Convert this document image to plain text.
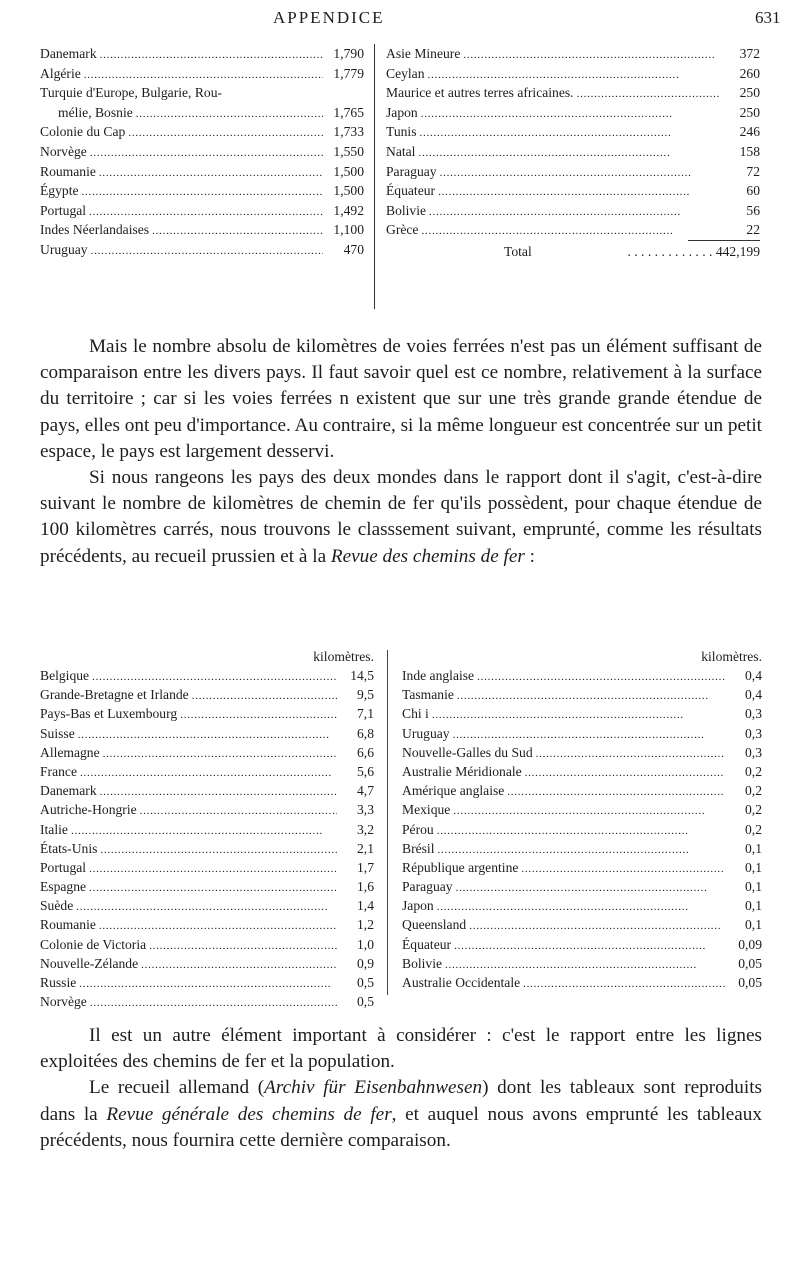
APPENDICE	631
Danemark . . .	1,790
Algérie . . .	1,779
Turquie d'Europe, Bulgarie, Rou-
mélie, Bosnie . . .	1,765
Colonie du Cap . . .	1,733
Norvège . . .	1,550
Roumanie . . .	1,500
Égypte . . .	1,500
Portugal . . .	1,492
Indes Néerlandaises . . .	1,100
Uruguay . . .	470
Asie Mineure . . .	372
Ceylan . . .	260
Maurice et autres terres africaines. . . .	250
Japon . . .	250
Tunis . . .	246
Natal . . .	158
Paraguay . . .	72
Équateur . . .	60
Bolivie . . .	56
Grèce . . .	22
Total	. . . . . . . . . . . . . 442,199

Mais le nombre absolu de kilomètres de voies ferrées n'est pas un élément suffisant de comparaison entre les divers pays. Il faut savoir quel est ce nombre, relativement à la surface du territoire ; car si les voies ferrées n existent que sur une très grande grande étendue de pays, elles ont peu d'importance. Au contraire, si la même longueur est concentrée sur un petit espace, le pays est largement desservi.

Si nous rangeons les pays des deux mondes dans le rapport dont il s'agit, c'est-à-dire suivant le nombre de kilomètres de chemin de fer qu'ils possèdent, pour chaque étendue de 100 kilomètres carrés, nous trouvons le classsement suivant, emprunté, comme les résultats précédents, au recueil prussien et à la Revue des chemins de fer :

kilomètres.
Belgique . . .	14,5
Grande-Bretagne et Irlande . . .	9,5
Pays-Bas et Luxembourg . . .	7,1
Suisse . . .	6,8
Allemagne . . .	6,6
France . . .	5,6
Danemark . . .	4,7
Autriche-Hongrie . . .	3,3
Italie . . .	3,2
États-Unis . . .	2,1
Portugal . . .	1,7
Espagne . . .	1,6
Suède . . .	1,4
Roumanie . . .	1,2
Colonie de Victoria . . .	1,0
Nouvelle-Zélande . . .	0,9
Russie . . .	0,5
Norvège . . .	0,5
kilomètres.
Inde anglaise . . .	0,4
Tasmanie . . .	0,4
Chi i . . .	0,3
Uruguay . . .	0,3
Nouvelle-Galles du Sud . . .	0,3
Australie Méridionale . . .	0,2
Amérique anglaise . . .	0,2
Mexique . . .	0,2
Pérou . . .	0,2
Brésil . . .	0,1
République argentine . . .	0,1
Paraguay . . .	0,1
Japon . . .	0,1
Queensland . . .	0,1
Équateur . . .	0,09
Bolivie . . .	0,05
Australie Occidentale . . .	0,05

Il est un autre élément important à considérer : c'est le rapport entre les lignes exploitées des chemins de fer et la population.

Le recueil allemand (Archiv für Eisenbahnwesen) dont les tableaux sont reproduits dans la Revue générale des chemins de fer, et auquel nous avons emprunté les tableaux précédents, nous fournira cette dernière comparaison.
